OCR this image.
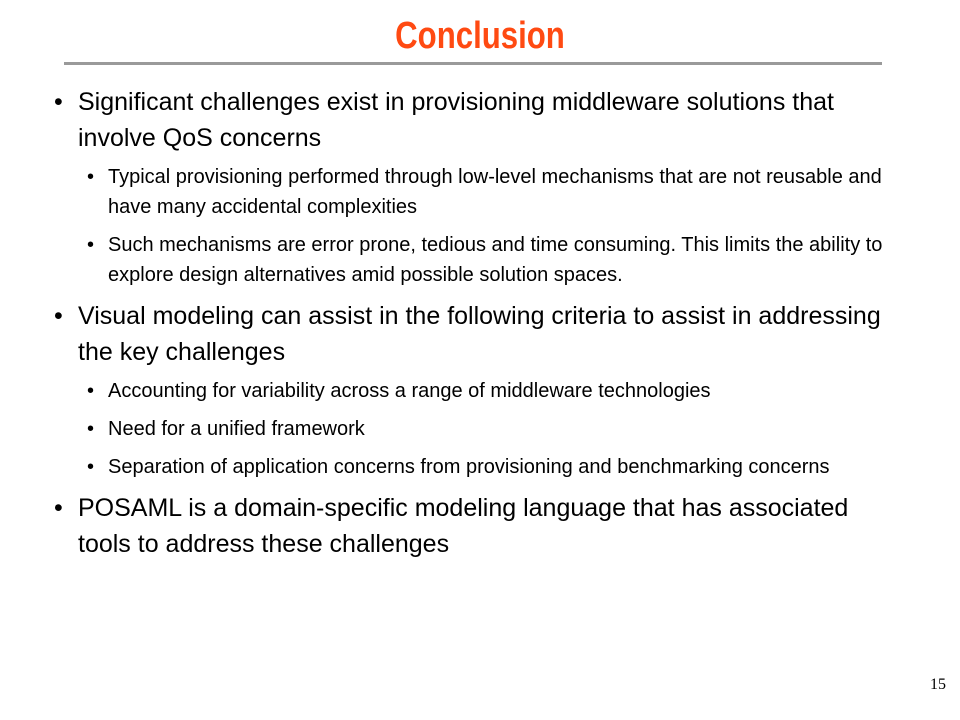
Conclusion
• Significant challenges exist in provisioning middleware solutions that involve QoS concerns
• Typical provisioning performed through low-level mechanisms that are not reusable and have many accidental complexities
• Such mechanisms are error prone, tedious and time consuming. This limits the ability to explore design alternatives amid possible solution spaces.
• Visual modeling can assist in the following criteria to assist in addressing the key challenges
• Accounting for variability across a range of middleware technologies
• Need for a unified framework
• Separation of application concerns from provisioning and benchmarking concerns
• POSAML is a domain-specific modeling language that has associated tools to address these challenges
15
